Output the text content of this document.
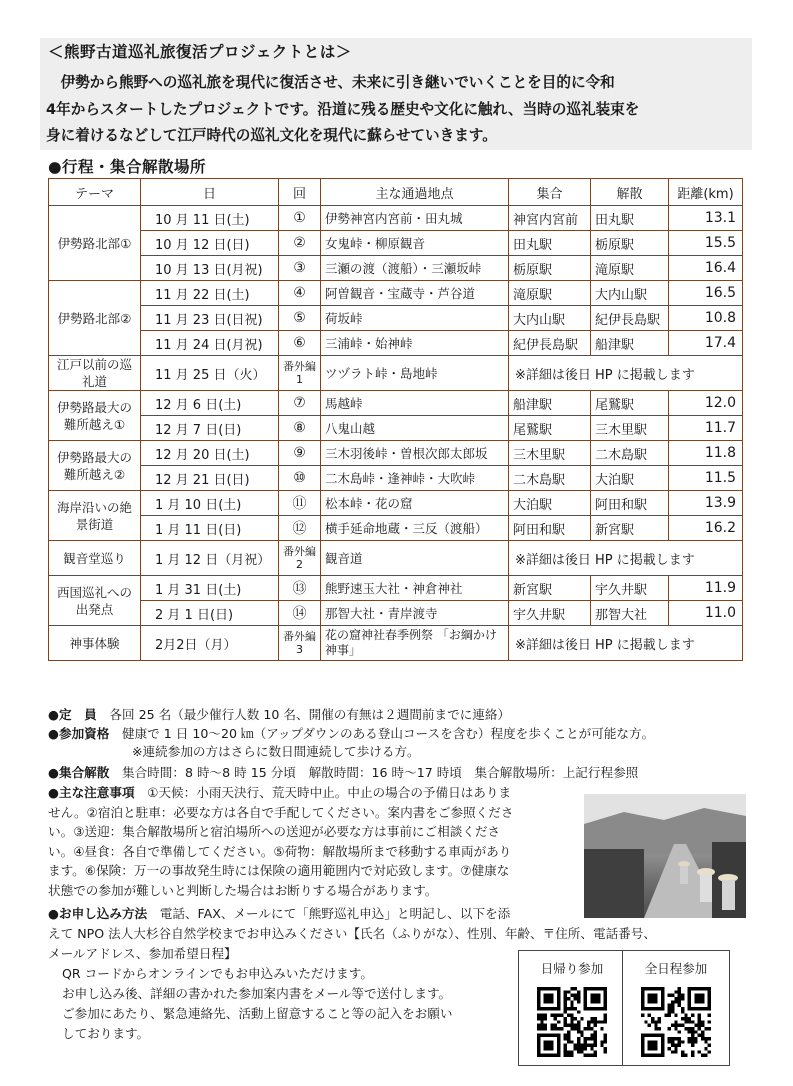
＜熊野古道巡礼旅復活プロジェクトとは＞
　伊勢から熊野への巡礼旅を現代に復活させ、未来に引き継いでいくことを目的に令和
4年からスタートしたプロジェクトです。沿道に残る歴史や文化に触れ、当時の巡礼装束を
身に着けるなどして江戸時代の巡礼文化を現代に蘇らせていきます。
●行程・集合解散場所
テーマ	日	回	主な通過地点	集合	解散	距離(km)
伊勢路北部①	10 月 11 日(土)	①	伊勢神宮内宮前・田丸城	神宮内宮前	田丸駅	13.1
	10 月 12 日(日)	②	女鬼峠・柳原観音	田丸駅	栃原駅	15.5
	10 月 13 日(月祝)	③	三瀬の渡（渡船）・三瀬坂峠	栃原駅	滝原駅	16.4
伊勢路北部②	11 月 22 日(土)	④	阿曽観音・宝蔵寺・芦谷道	滝原駅	大内山駅	16.5
	11 月 23 日(日祝)	⑤	荷坂峠	大内山駅	紀伊長島駅	10.8
	11 月 24 日(月祝)	⑥	三浦峠・始神峠	紀伊長島駅	船津駅	17.4
江戸以前の巡礼道	11 月 25 日（火）	番外編 1	ツヅラト峠・島地峠	※詳細は後日 HP に掲載します		
伊勢路最大の難所越え①	12 月 6 日(土)	⑦	馬越峠	船津駅	尾鷲駅	12.0
	12 月 7 日(日)	⑧	八鬼山越	尾鷲駅	三木里駅	11.7
伊勢路最大の難所越え②	12 月 20 日(土)	⑨	三木羽後峠・曽根次郎太郎坂	三木里駅	二木島駅	11.8
	12 月 21 日(日)	⑩	二木島峠・逢神峠・大吹峠	二木島駅	大泊駅	11.5
海岸沿いの絶景街道	1 月 10 日(土)	⑪	松本峠・花の窟	大泊駅	阿田和駅	13.9
	1 月 11 日(日)	⑫	横手延命地蔵・三反（渡船）	阿田和駅	新宮駅	16.2
観音堂巡り	1 月 12 日（月祝）	番外編 2	観音道	※詳細は後日 HP に掲載します		
西国巡礼への出発点	1 月 31 日(土)	⑬	熊野速玉大社・神倉神社	新宮駅	宇久井駅	11.9
	2 月 1 日(日)	⑭	那智大社・青岸渡寺	宇久井駅	那智大社	11.0
神事体験	2月2日（月）	番外編 3	花の窟神社春季例祭 「お綱かけ神事」	※詳細は後日 HP に掲載します		
●定　員　 各回 25 名（最少催行人数 10 名、開催の有無は２週間前までに連絡）
●参加資格　 健康で 1 日 10～20 ㎞（アップダウンのある登山コースを含む）程度を歩くことが可能な方。
※連続参加の方はさらに数日間連続して歩ける方。
●集合解散　 集合時間：8 時～8 時 15 分頃　解散時間：16 時～17 時頃　集合解散場所：上記行程参照
●主な注意事項　 ①天候：小雨天決行、荒天時中止。中止の場合の予備日はありま
せん。②宿泊と駐車：必要な方は各自で手配してください。案内書をご参照くださ
い。③送迎：集合解散場所と宿泊場所への送迎が必要な方は事前にご相談くださ
い。④昼食：各自で準備してください。⑤荷物：解散場所まで移動する車両があり
ます。⑥保険：万一の事故発生時には保険の適用範囲内で対応致します。⑦健康な
状態での参加が難しいと判断した場合はお断りする場合があります。
●お申し込み方法　 電話、FAX、メールにて「熊野巡礼申込」と明記し、以下を添
えて NPO 法人大杉谷自然学校までお申込みください【氏名（ふりがな）、性別、年齢、〒住所、電話番号、
メールアドレス、参加希望日程】
QR コードからオンラインでもお申込みいただけます。
お申し込み後、詳細の書かれた参加案内書をメール等で送付します。
ご参加にあたり、緊急連絡先、活動上留意すること等の記入をお願い
しております。
日帰り参加	全日程参加
